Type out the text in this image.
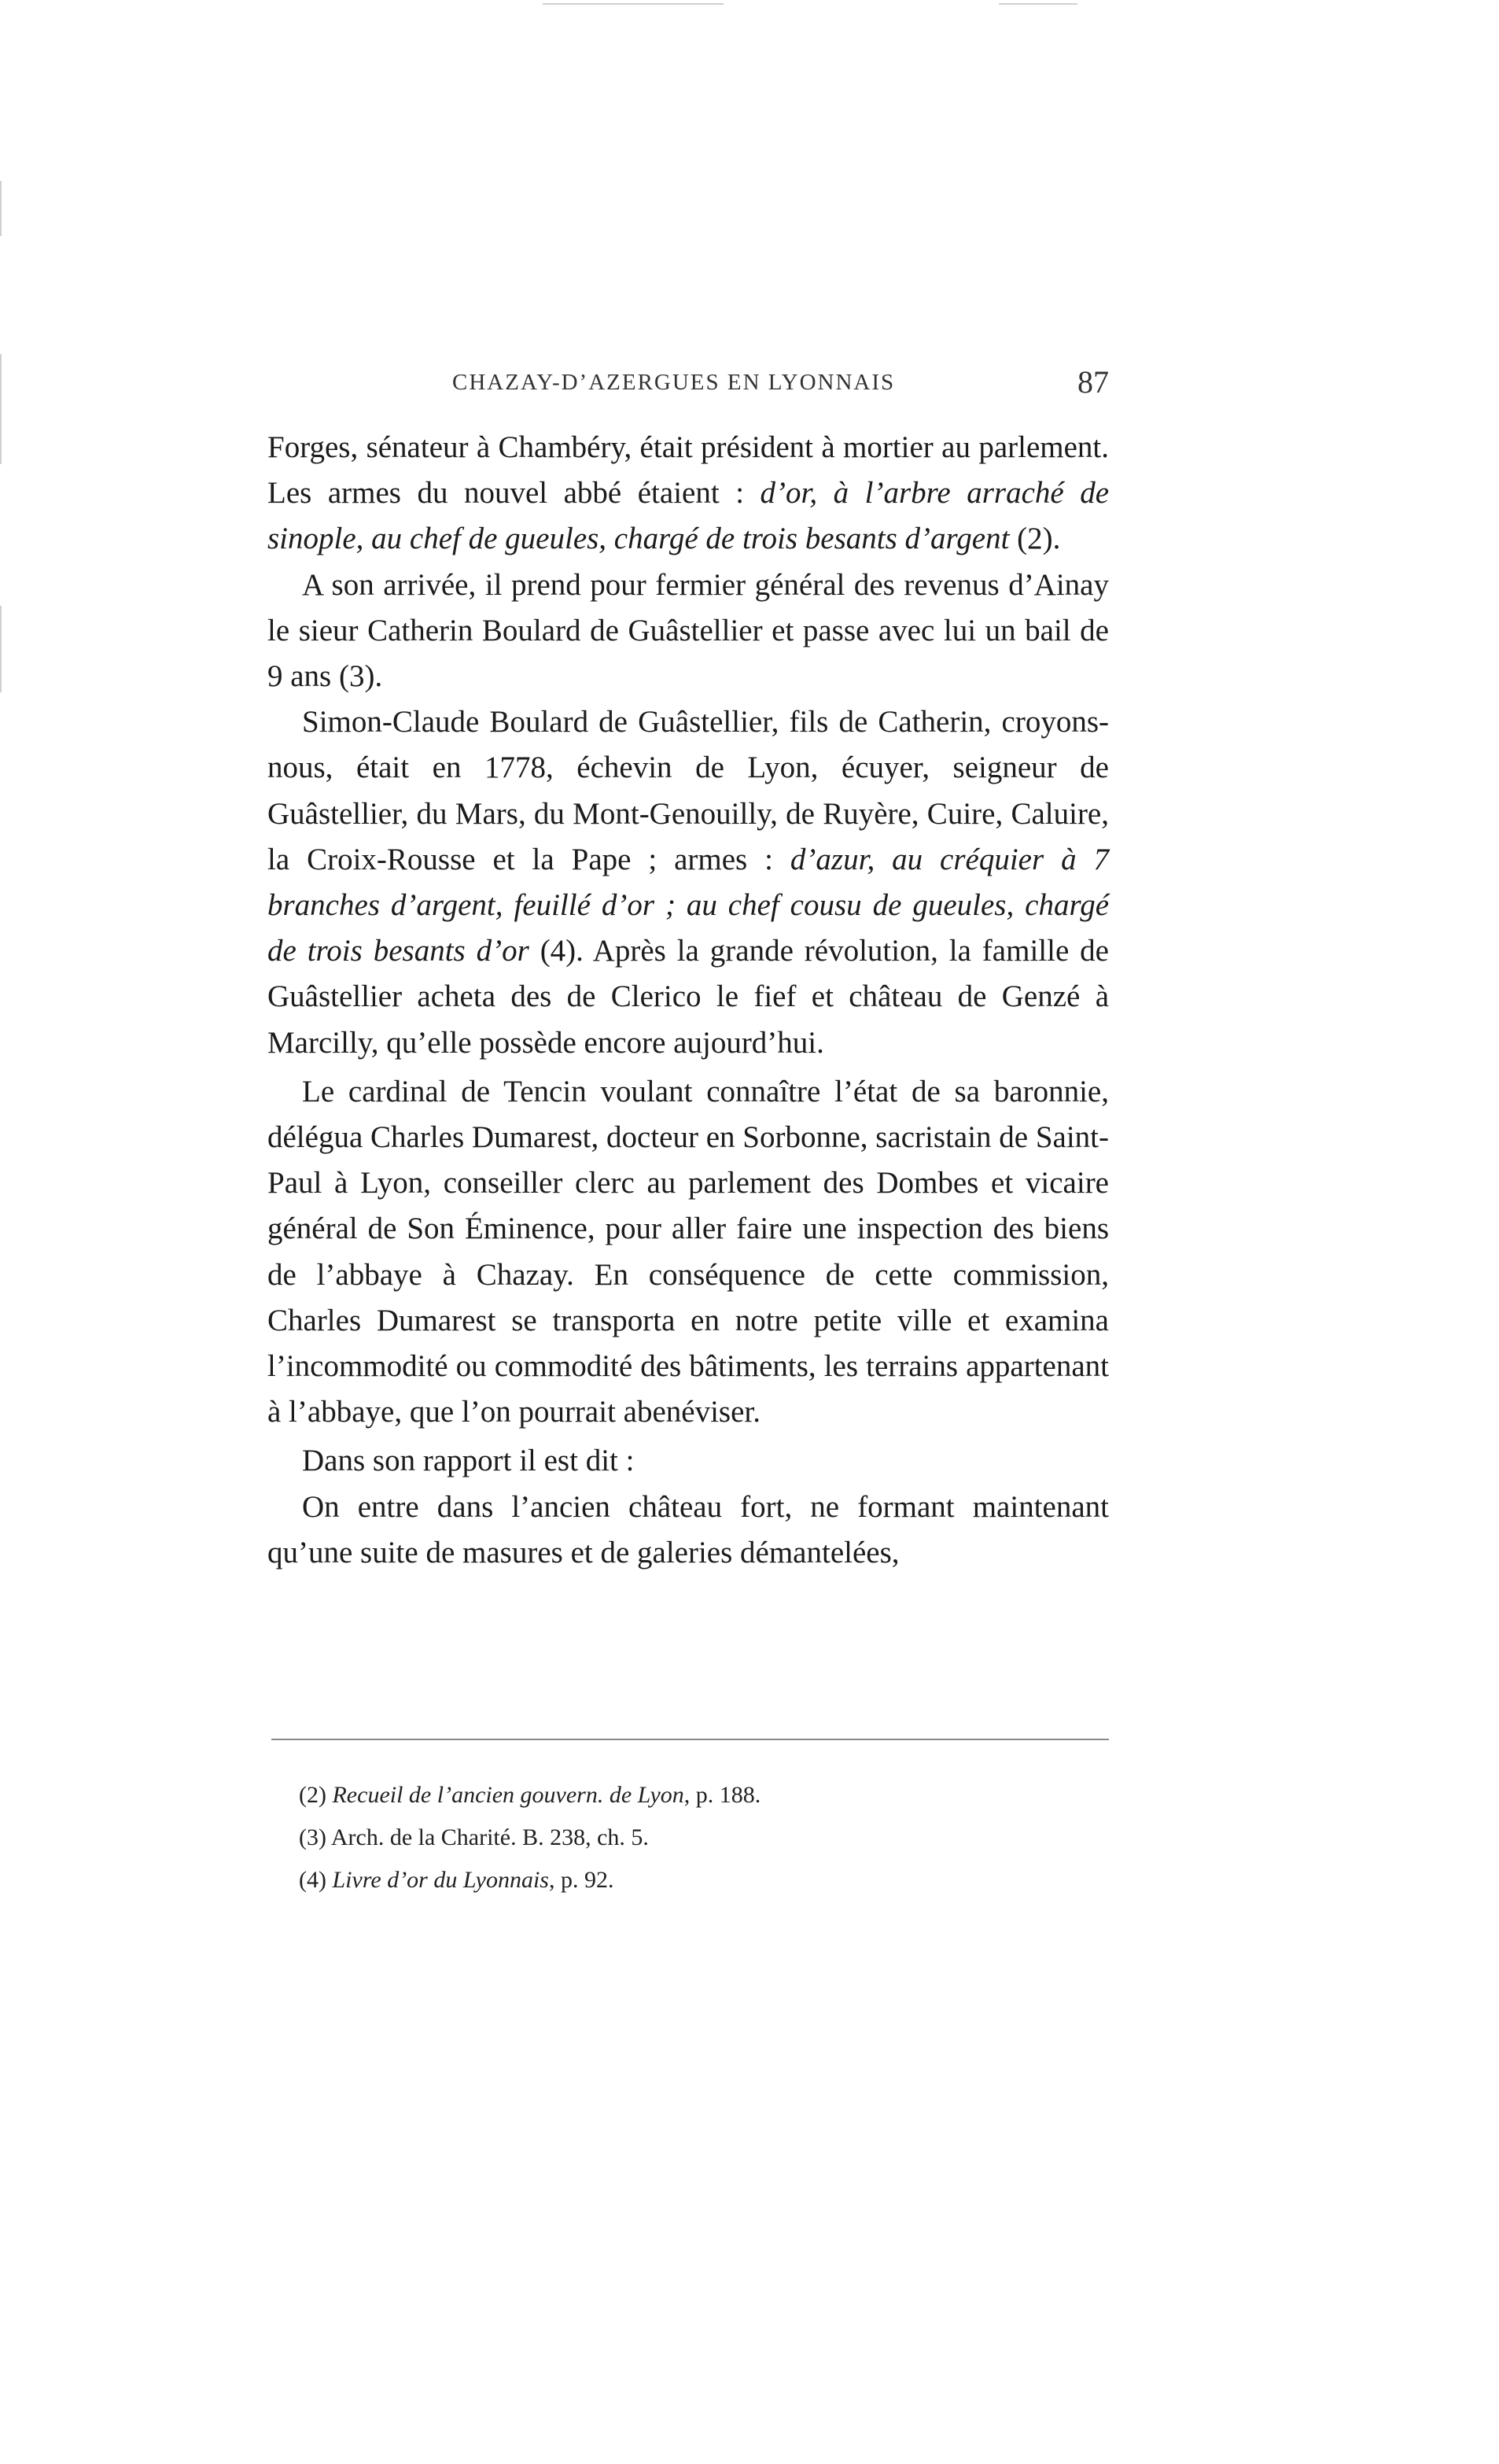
CHAZAY-D’AZERGUES EN LYONNAIS	87

Forges, sénateur à Chambéry, était président à mortier au parlement. Les armes du nouvel abbé étaient : d’or, à l’arbre arraché de sinople, au chef de gueules, chargé de trois besants d’argent (2).

A son arrivée, il prend pour fermier général des revenus d’Ainay le sieur Catherin Boulard de Guâstellier et passe avec lui un bail de 9 ans (3).

Simon-Claude Boulard de Guâstellier, fils de Catherin, croyons-nous, était en 1778, échevin de Lyon, écuyer, seigneur de Guâstellier, du Mars, du Mont-Genouilly, de Ruyère, Cuire, Caluire, la Croix-Rousse et la Pape ; armes : d’azur, au créquier à 7 branches d’argent, feuillé d’or ; au chef cousu de gueules, chargé de trois besants d’or (4). Après la grande révolution, la famille de Guâstellier acheta des de Clerico le fief et château de Genzé à Marcilly, qu’elle possède encore aujourd’hui.

Le cardinal de Tencin voulant connaître l’état de sa baronnie, délégua Charles Dumarest, docteur en Sorbonne, sacristain de Saint-Paul à Lyon, conseiller clerc au parlement des Dombes et vicaire général de Son Éminence, pour aller faire une inspection des biens de l’abbaye à Chazay. En conséquence de cette commission, Charles Dumarest se transporta en notre petite ville et examina l’incommodité ou commodité des bâtiments, les terrains appartenant à l’abbaye, que l’on pourrait abenéviser.

Dans son rapport il est dit :

On entre dans l’ancien château fort, ne formant maintenant qu’une suite de masures et de galeries démantelées,

(2) Recueil de l’ancien gouvern. de Lyon, p. 188.
(3) Arch. de la Charité. B. 238, ch. 5.
(4) Livre d’or du Lyonnais, p. 92.
